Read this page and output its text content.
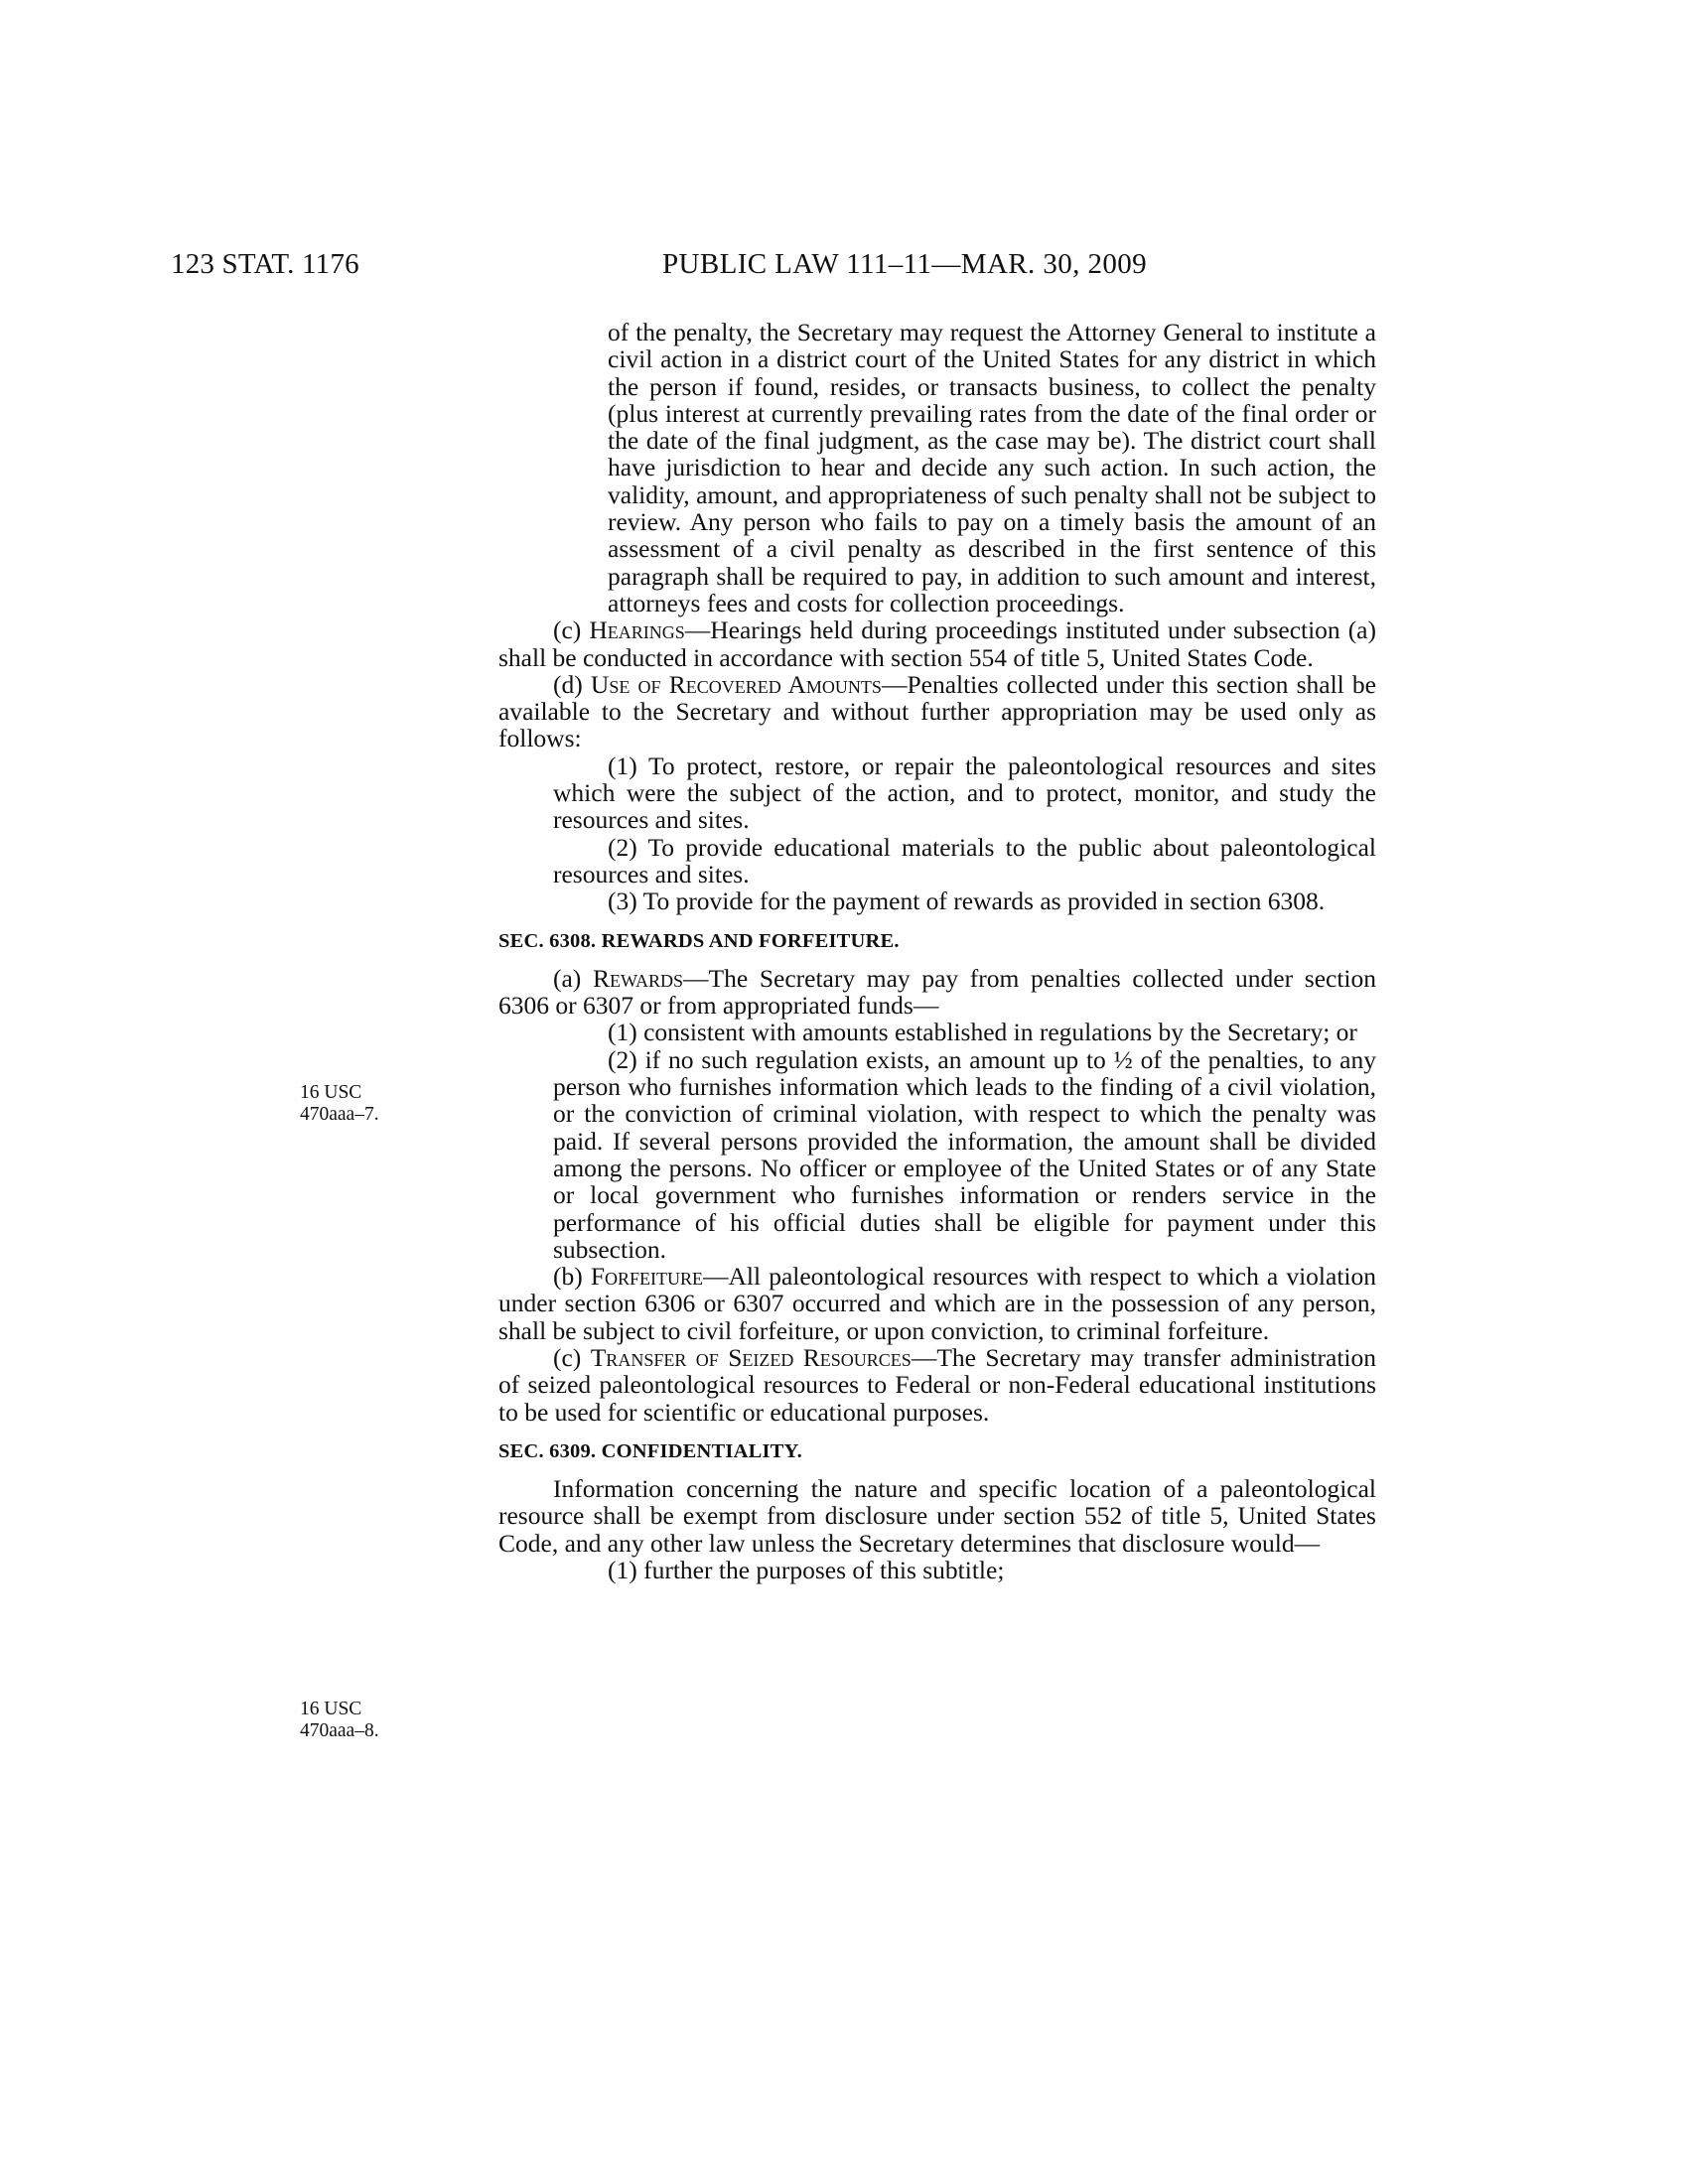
123 STAT. 1176	PUBLIC LAW 111–11—MAR. 30, 2009
16 USC
470aaa–7.
16 USC
470aaa–8.

of the penalty, the Secretary may request the Attorney General to institute a civil action in a district court of the United States for any district in which the person if found, resides, or transacts business, to collect the penalty (plus interest at currently prevailing rates from the date of the final order or the date of the final judgment, as the case may be). The district court shall have jurisdiction to hear and decide any such action. In such action, the validity, amount, and appropriateness of such penalty shall not be subject to review. Any person who fails to pay on a timely basis the amount of an assessment of a civil penalty as described in the first sentence of this paragraph shall be required to pay, in addition to such amount and interest, attorneys fees and costs for collection proceedings.

(c) Hearings—Hearings held during proceedings instituted under subsection (a) shall be conducted in accordance with section 554 of title 5, United States Code.

(d) Use of Recovered Amounts—Penalties collected under this section shall be available to the Secretary and without further appropriation may be used only as follows:

(1) To protect, restore, or repair the paleontological resources and sites which were the subject of the action, and to protect, monitor, and study the resources and sites.

(2) To provide educational materials to the public about paleontological resources and sites.

(3) To provide for the payment of rewards as provided in section 6308.

SEC. 6308. REWARDS AND FORFEITURE.

(a) Rewards—The Secretary may pay from penalties collected under section 6306 or 6307 or from appropriated funds—

(1) consistent with amounts established in regulations by the Secretary; or

(2) if no such regulation exists, an amount up to ½ of the penalties, to any person who furnishes information which leads to the finding of a civil violation, or the conviction of criminal violation, with respect to which the penalty was paid. If several persons provided the information, the amount shall be divided among the persons. No officer or employee of the United States or of any State or local government who furnishes information or renders service in the performance of his official duties shall be eligible for payment under this subsection.

(b) Forfeiture—All paleontological resources with respect to which a violation under section 6306 or 6307 occurred and which are in the possession of any person, shall be subject to civil forfeiture, or upon conviction, to criminal forfeiture.

(c) Transfer of Seized Resources—The Secretary may transfer administration of seized paleontological resources to Federal or non-Federal educational institutions to be used for scientific or educational purposes.

SEC. 6309. CONFIDENTIALITY.

Information concerning the nature and specific location of a paleontological resource shall be exempt from disclosure under section 552 of title 5, United States Code, and any other law unless the Secretary determines that disclosure would—

(1) further the purposes of this subtitle;
